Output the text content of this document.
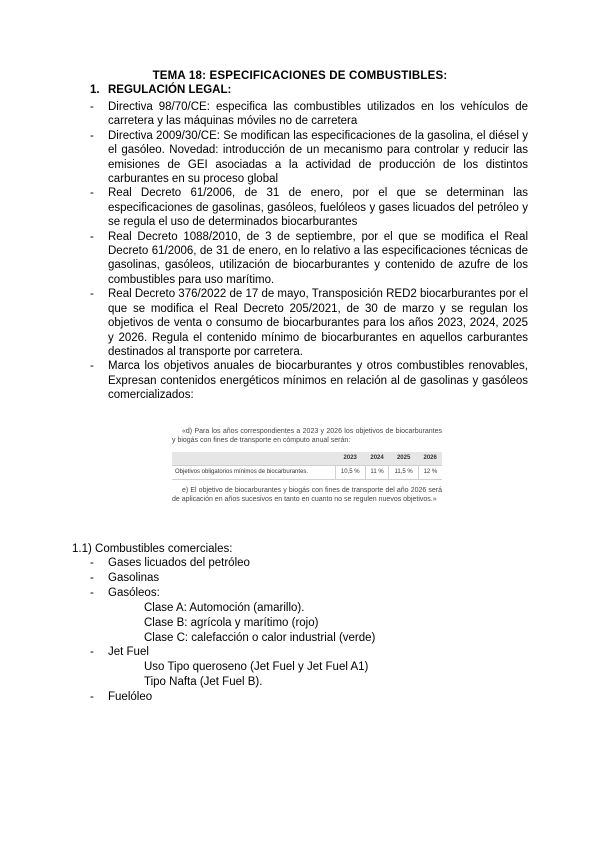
TEMA 18: ESPECIFICACIONES DE COMBUSTIBLES:
1. REGULACIÓN LEGAL:
- Directiva 98/70/CE: especifica las combustibles utilizados en los vehículos de carretera y las máquinas móviles no de carretera
- Directiva 2009/30/CE: Se modifican las especificaciones de la gasolina, el diésel y el gasóleo. Novedad: introducción de un mecanismo para controlar y reducir las emisiones de GEI asociadas a la actividad de producción de los distintos carburantes en su proceso global
- Real Decreto 61/2006, de 31 de enero, por el que se determinan las especificaciones de gasolinas, gasóleos, fuelóleos y gases licuados del petróleo y se regula el uso de determinados biocarburantes
- Real Decreto 1088/2010, de 3 de septiembre, por el que se modifica el Real Decreto 61/2006, de 31 de enero, en lo relativo a las especificaciones técnicas de gasolinas, gasóleos, utilización de biocarburantes y contenido de azufre de los combustibles para uso marítimo.
- Real Decreto 376/2022 de 17 de mayo, Transposición RED2 biocarburantes por el que se modifica el Real Decreto 205/2021, de 30 de marzo y se regulan los objetivos de venta o consumo de biocarburantes para los años 2023, 2024, 2025 y 2026. Regula el contenido mínimo de biocarburantes en aquellos carburantes destinados al transporte por carretera.
- Marca los objetivos anuales de biocarburantes y otros combustibles renovables, Expresan contenidos energéticos mínimos en relación al de gasolinas y gasóleos comercializados:

«d) Para los años correspondientes a 2023 y 2026 los objetivos de biocarburantes y biogás con fines de transporte en cómputo anual serán:

	2023	2024	2025	2026
Objetivos obligatorios mínimos de biocarburantes.	10,5 %	11 %	11,5 %	12 %

e) El objetivo de biocarburantes y biogás con fines de transporte del año 2026 será de aplicación en años sucesivos en tanto en cuanto no se regulen nuevos objetivos.»

1.1) Combustibles comerciales:
- Gases licuados del petróleo
- Gasolinas
- Gasóleos:
Clase A: Automoción (amarillo).
Clase B: agrícola y marítimo (rojo)
Clase C: calefacción o calor industrial (verde)
- Jet Fuel
Uso Tipo queroseno (Jet Fuel y Jet Fuel A1)
Tipo Nafta (Jet Fuel B).
- Fuelóleo
